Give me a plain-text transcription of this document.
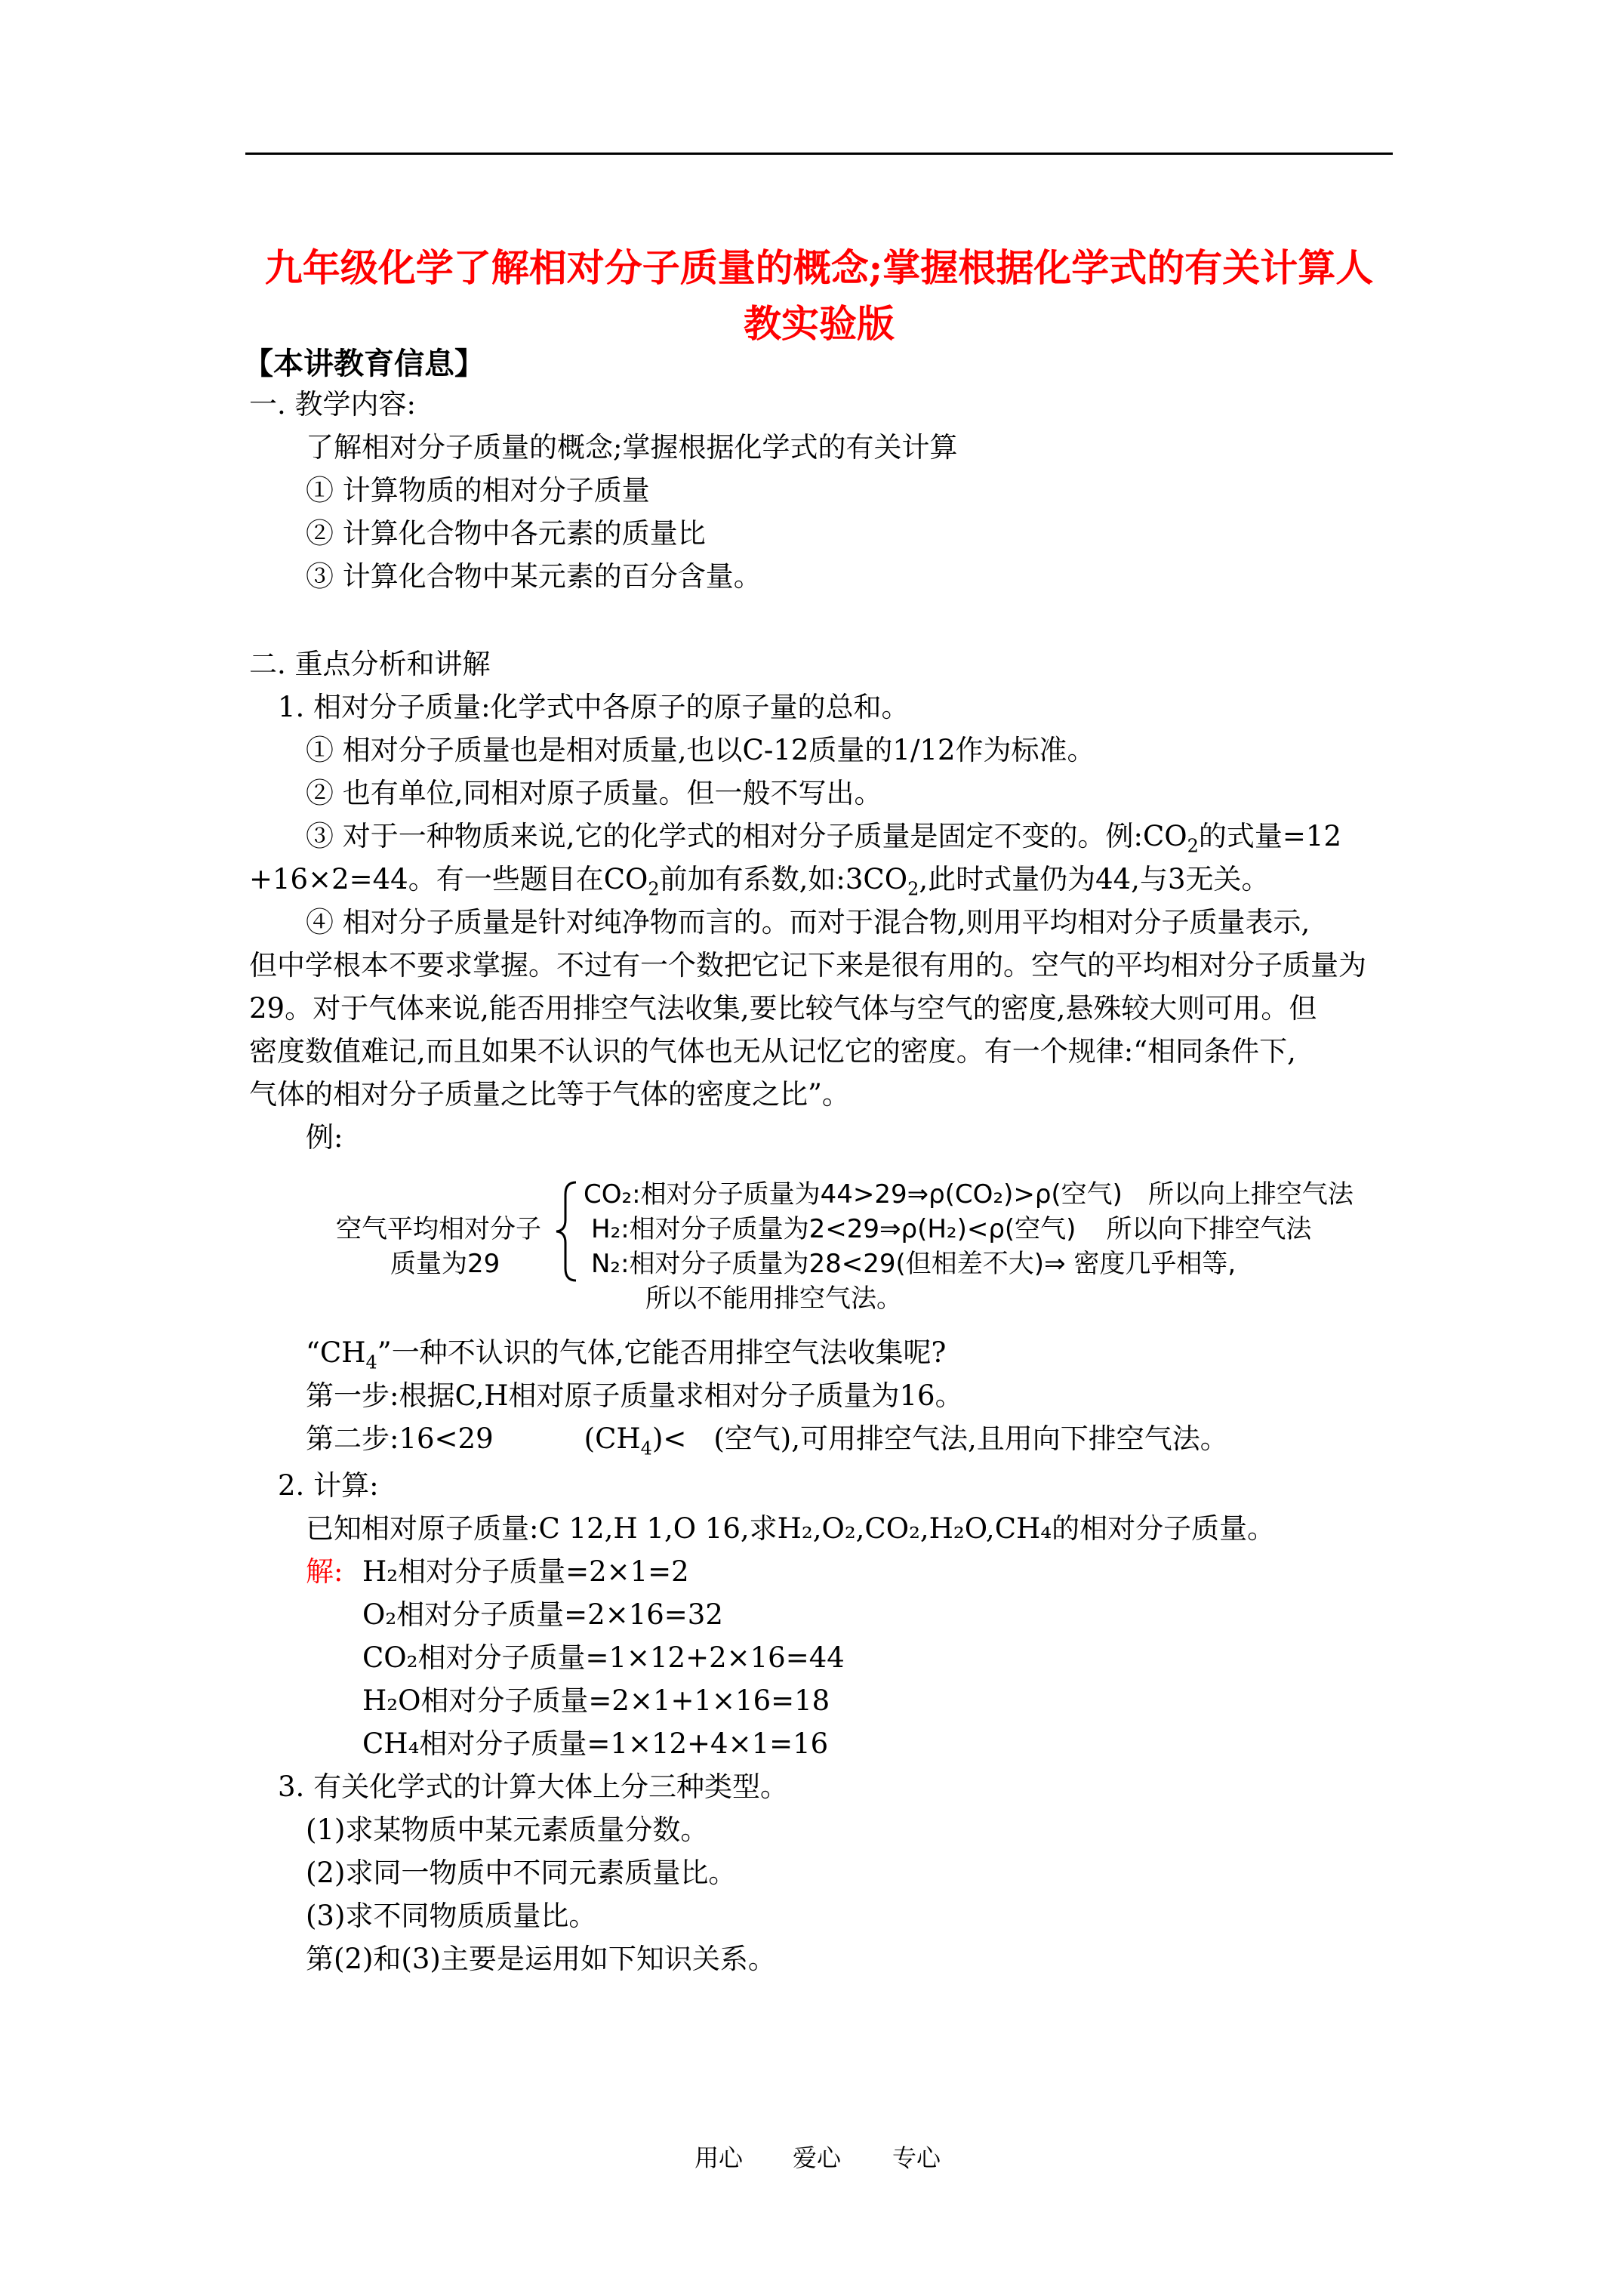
九年级化学了解相对分子质量的概念;掌握根据化学式的有关计算人
教实验版
【本讲教育信息】
一. 教学内容:
了解相对分子质量的概念;掌握根据化学式的有关计算
① 计算物质的相对分子质量
② 计算化合物中各元素的质量比
③ 计算化合物中某元素的百分含量。
二. 重点分析和讲解
1. 相对分子质量:化学式中各原子的原子量的总和。
① 相对分子质量也是相对质量,也以C-12质量的1/12作为标准。
② 也有单位,同相对原子质量。但一般不写出。
③ 对于一种物质来说,它的化学式的相对分子质量是固定不变的。例$:CO_2$的式量=12
+16×2=44。有一些题目在$CO_2$前加有系数,如$:3CO_2$,此时式量仍为44,与3无关。
④ 相对分子质量是针对纯净物而言的。而对于混合物,则用平均相对分子质量表示,
但中学根本不要求掌握。不过有一个数把它记下来是很有用的。空气的平均相对分子质量为
29。对于气体来说,能否用排空气法收集,要比较气体与空气的密度,悬殊较大则可用。但
密度数值难记,而且如果不认识的气体也无从记忆它的密度。有一个规律:“相同条件下,
气体的相对分子质量之比等于气体的密度之比”。
例:
空气平均相对分子
质量为29
CO₂:相对分子质量为44>29⇒ρ(CO₂)>ρ(空气) 所以向上排空气法
H₂:相对分子质量为2<29⇒ρ(H₂)<ρ(空气) 所以向下排空气法
N₂:相对分子质量为28<29(但相差不大)⇒ 密度几乎相等,
所以不能用排空气法。
“$CH_4$”一种不认识的气体,它能否用排空气法收集呢?
第一步:根据C,H相对原子质量求相对分子质量为16。
第二步:16<29	$(CH_4)<$ (空气),可用排空气法,且用向下排空气法。
2. 计算:
已知相对原子质量:C 12,H 1,O 16,求H₂,O₂,CO₂,H₂O,CH₄的相对分子质量。
解: H₂相对分子质量=2×1=2
O₂相对分子质量=2×16=32
CO₂相对分子质量=1×12+2×16=44
H₂O相对分子质量=2×1+1×16=18
CH₄相对分子质量=1×12+4×1=16
3. 有关化学式的计算大体上分三种类型。
(1)求某物质中某元素质量分数。
(2)求同一物质中不同元素质量比。
(3)求不同物质质量比。
第(2)和(3)主要是运用如下知识关系。
用心 爱心 专心
